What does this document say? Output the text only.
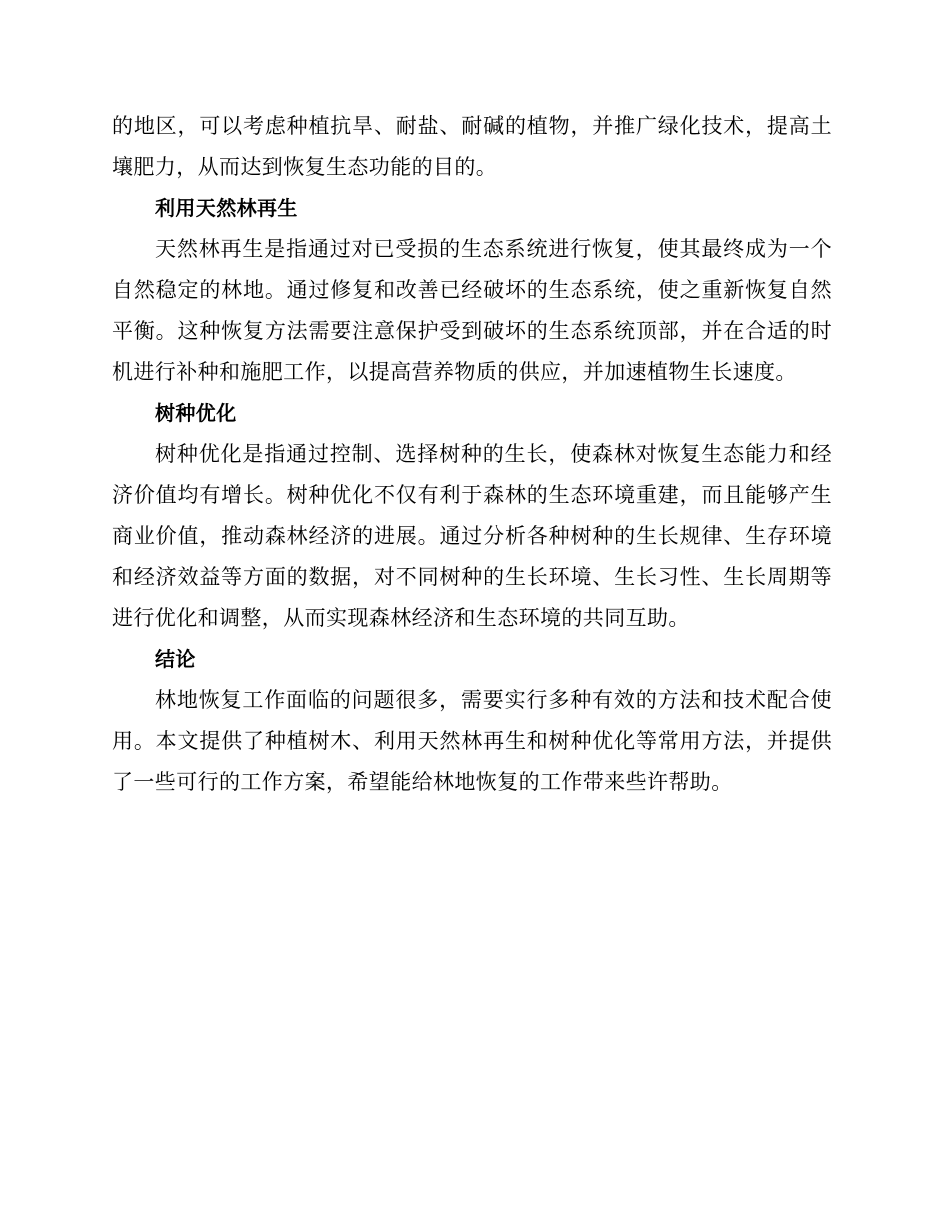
的地区，可以考虑种植抗旱、耐盐、耐碱的植物，并推广绿化技术，提高土壤肥力，从而达到恢复生态功能的目的。

利用天然林再生

天然林再生是指通过对已受损的生态系统进行恢复，使其最终成为一个自然稳定的林地。通过修复和改善已经破坏的生态系统，使之重新恢复自然平衡。这种恢复方法需要注意保护受到破坏的生态系统顶部，并在合适的时机进行补种和施肥工作，以提高营养物质的供应，并加速植物生长速度。

树种优化

树种优化是指通过控制、选择树种的生长，使森林对恢复生态能力和经济价值均有增长。树种优化不仅有利于森林的生态环境重建，而且能够产生商业价值，推动森林经济的进展。通过分析各种树种的生长规律、生存环境和经济效益等方面的数据，对不同树种的生长环境、生长习性、生长周期等进行优化和调整，从而实现森林经济和生态环境的共同互助。

结论

林地恢复工作面临的问题很多，需要实行多种有效的方法和技术配合使用。本文提供了种植树木、利用天然林再生和树种优化等常用方法，并提供了一些可行的工作方案，希望能给林地恢复的工作带来些许帮助。
